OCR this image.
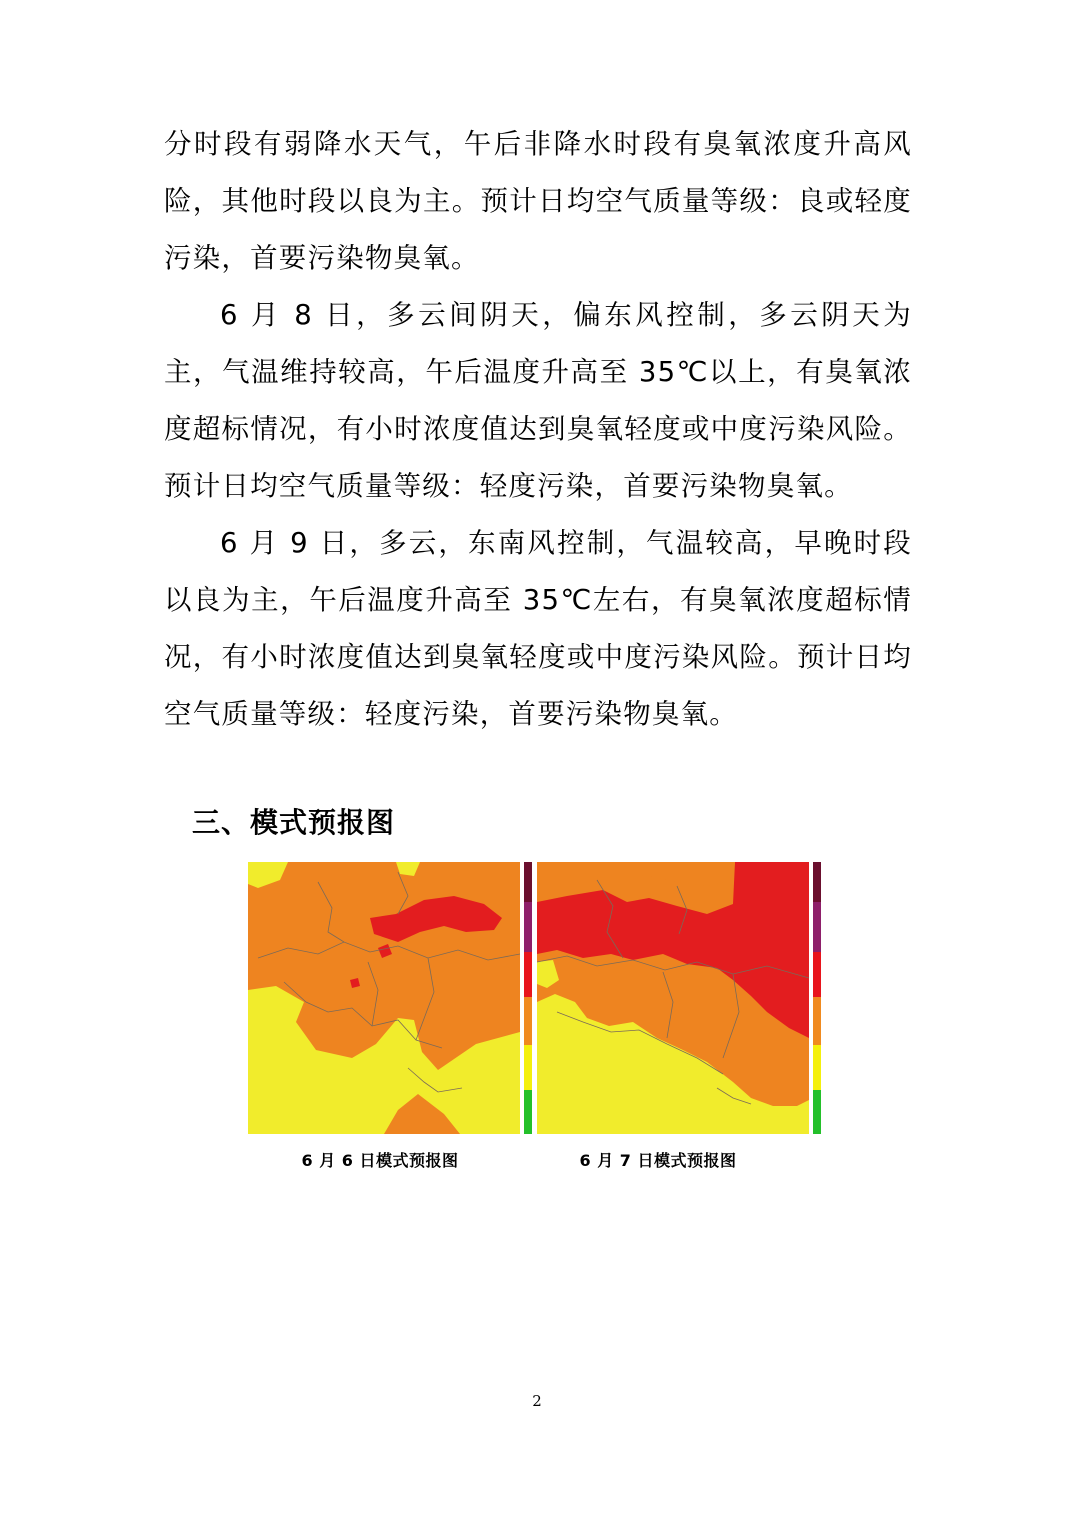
分时段有弱降水天气，午后非降水时段有臭氧浓度升高风险，其他时段以良为主。预计日均空气质量等级：良或轻度污染，首要污染物臭氧。

6 月 8 日，多云间阴天，偏东风控制，多云阴天为主，气温维持较高，午后温度升高至 35℃以上，有臭氧浓度超标情况，有小时浓度值达到臭氧轻度或中度污染风险。预计日均空气质量等级：轻度污染，首要污染物臭氧。

6 月 9 日，多云，东南风控制，气温较高，早晚时段以良为主，午后温度升高至 35℃左右，有臭氧浓度超标情况，有小时浓度值达到臭氧轻度或中度污染风险。预计日均空气质量等级：轻度污染，首要污染物臭氧。

三、模式预报图
6 月 6 日模式预报图	6 月 7 日模式预报图
2
